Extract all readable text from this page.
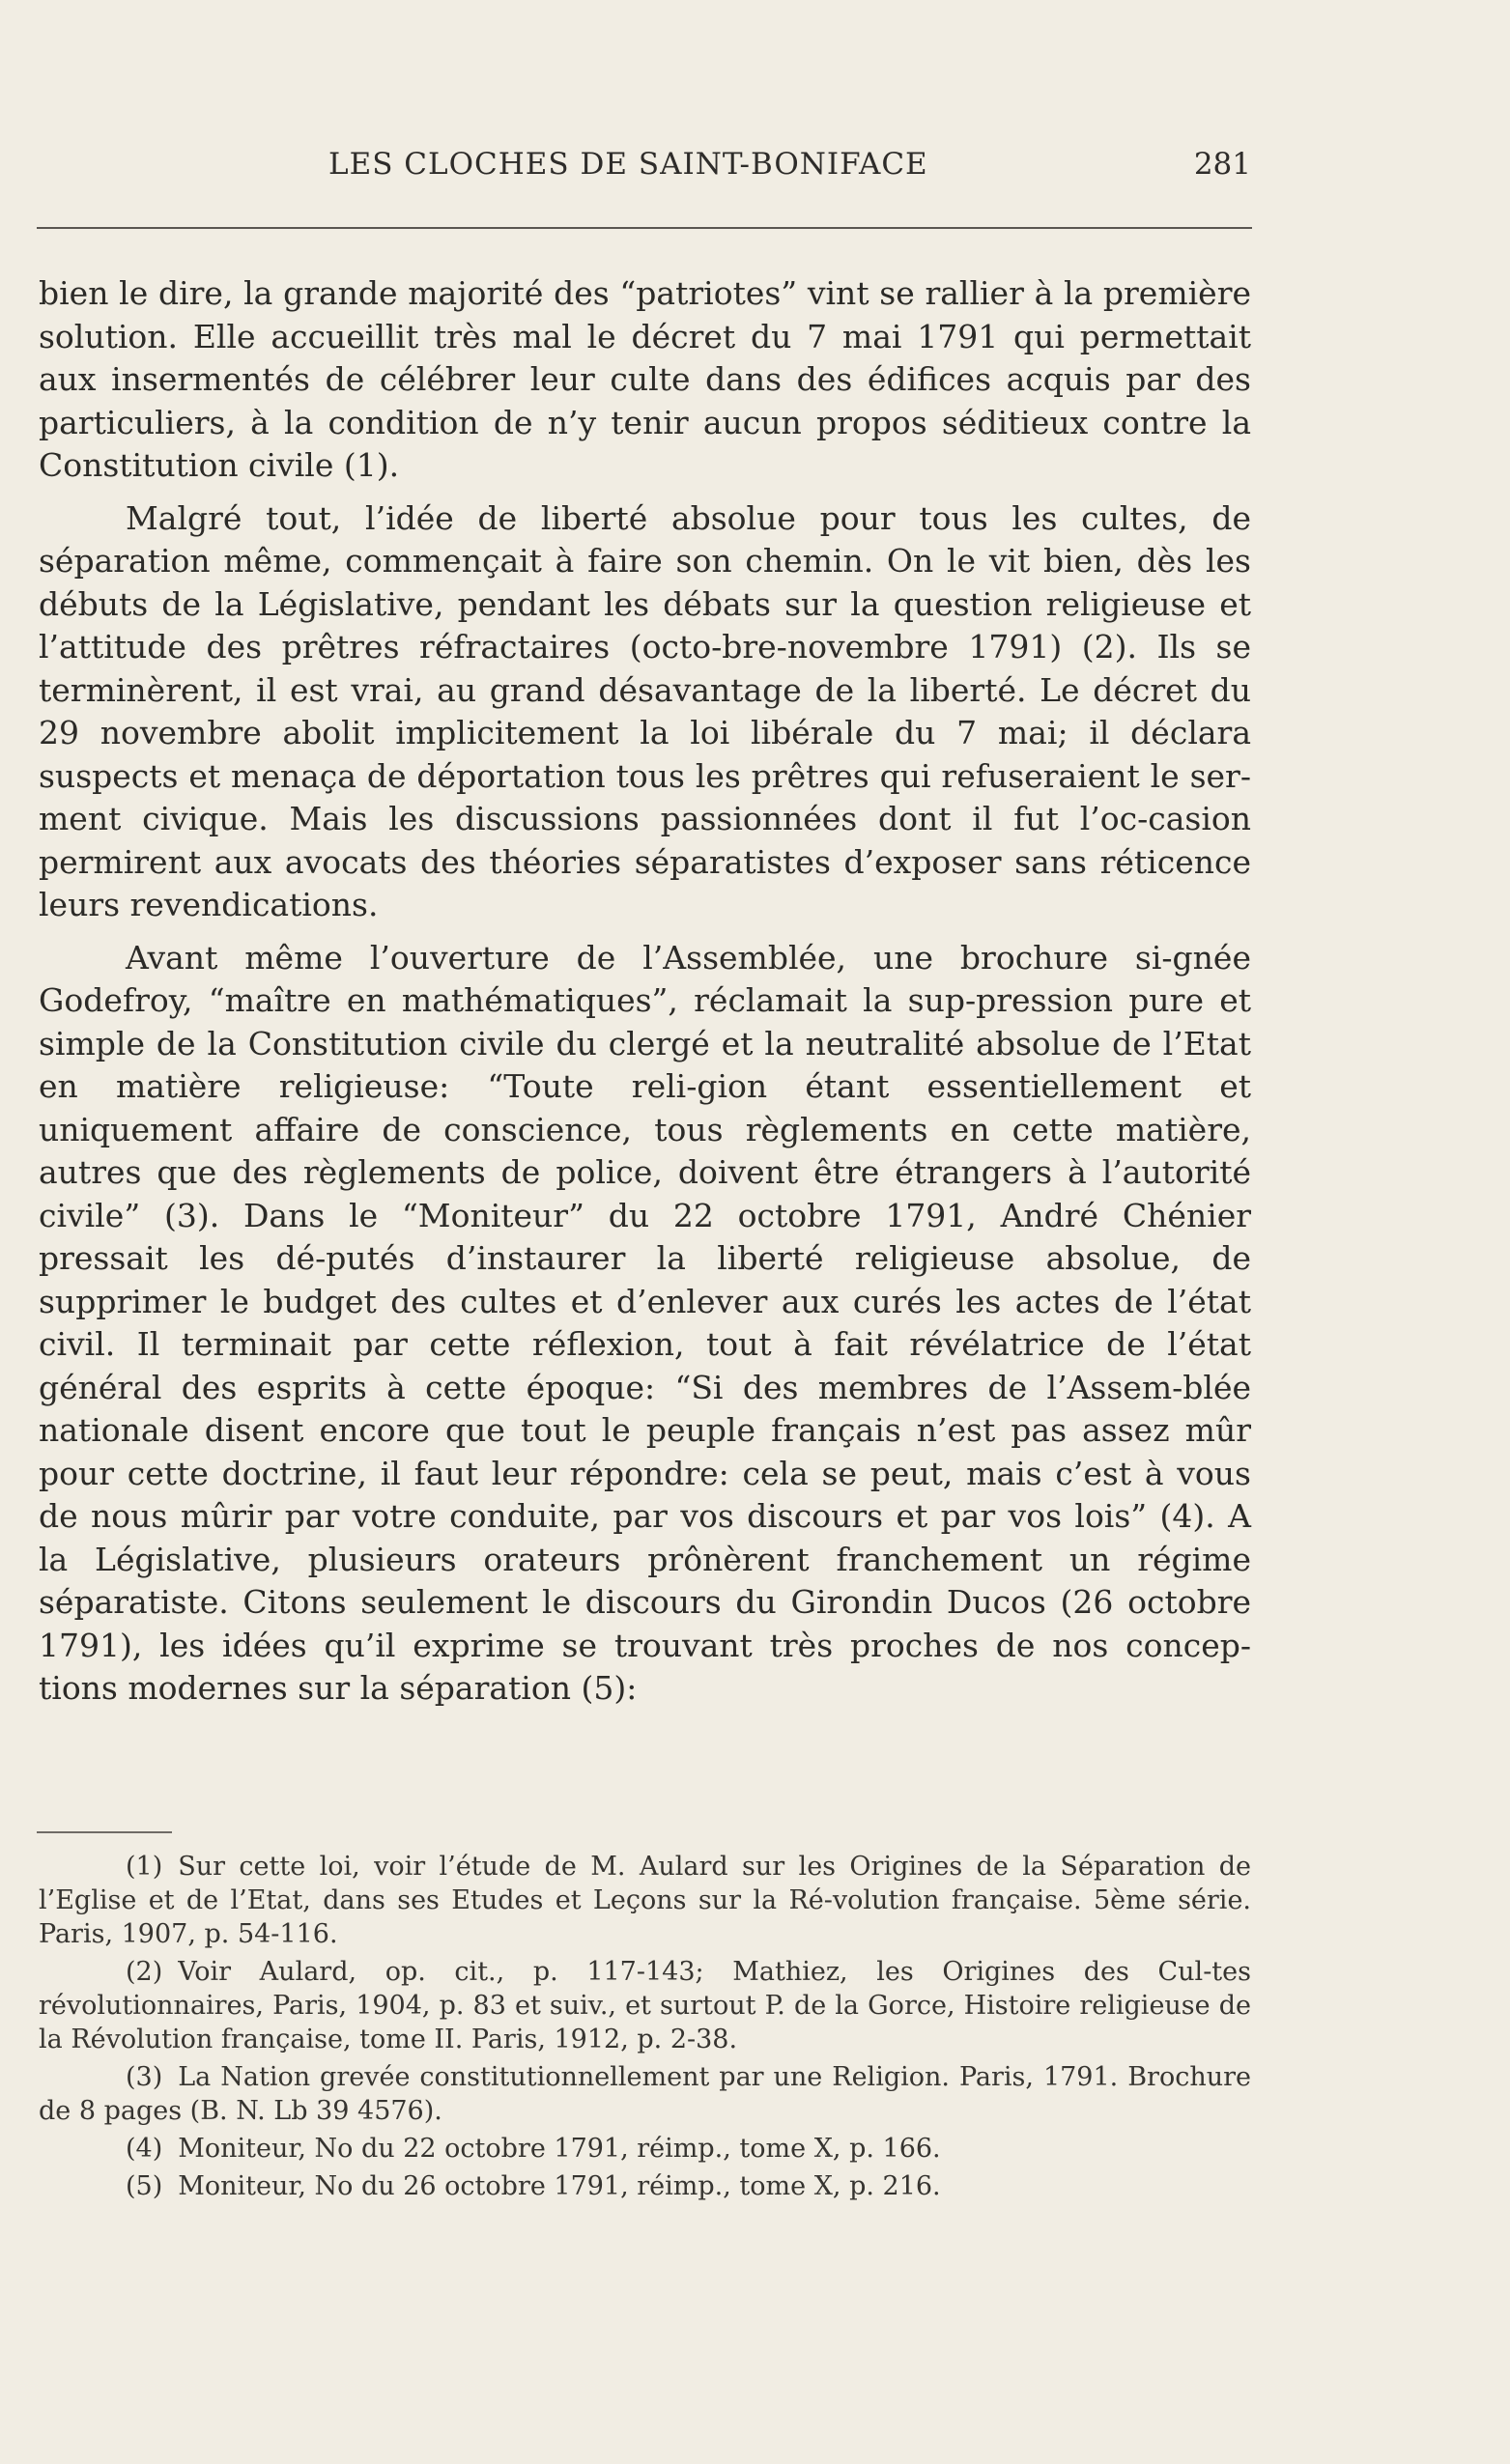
LES CLOCHES DE SAINT-BONIFACE	281

bien le dire, la grande majorité des “patriotes” vint se rallier à la première solution. Elle accueillit très mal le décret du 7 mai 1791 qui permettait aux insermentés de célébrer leur culte dans des édifices acquis par des particuliers, à la condition de n’y tenir aucun propos séditieux contre la Constitution civile (1).

Malgré tout, l’idée de liberté absolue pour tous les cultes, de séparation même, commençait à faire son chemin. On le vit bien, dès les débuts de la Législative, pendant les débats sur la question religieuse et l’attitude des prêtres réfractaires (octo-bre-novembre 1791) (2). Ils se terminèrent, il est vrai, au grand désavantage de la liberté. Le décret du 29 novembre abolit implicitement la loi libérale du 7 mai; il déclara suspects et menaça de déportation tous les prêtres qui refuseraient le ser-ment civique. Mais les discussions passionnées dont il fut l’oc-casion permirent aux avocats des théories séparatistes d’exposer sans réticence leurs revendications.

Avant même l’ouverture de l’Assemblée, une brochure si-gnée Godefroy, “maître en mathématiques”, réclamait la sup-pression pure et simple de la Constitution civile du clergé et la neutralité absolue de l’Etat en matière religieuse: “Toute reli-gion étant essentiellement et uniquement affaire de conscience, tous règlements en cette matière, autres que des règlements de police, doivent être étrangers à l’autorité civile” (3). Dans le “Moniteur” du 22 octobre 1791, André Chénier pressait les dé-putés d’instaurer la liberté religieuse absolue, de supprimer le budget des cultes et d’enlever aux curés les actes de l’état civil. Il terminait par cette réflexion, tout à fait révélatrice de l’état général des esprits à cette époque: “Si des membres de l’Assem-blée nationale disent encore que tout le peuple français n’est pas assez mûr pour cette doctrine, il faut leur répondre: cela se peut, mais c’est à vous de nous mûrir par votre conduite, par vos discours et par vos lois” (4). A la Législative, plusieurs orateurs prônèrent franchement un régime séparatiste. Citons seulement le discours du Girondin Ducos (26 octobre 1791), les idées qu’il exprime se trouvant très proches de nos concep-tions modernes sur la séparation (5):

(1) Sur cette loi, voir l’étude de M. Aulard sur les Origines de la Séparation de l’Eglise et de l’Etat, dans ses Etudes et Leçons sur la Ré-volution française. 5ème série. Paris, 1907, p. 54-116.

(2) Voir Aulard, op. cit., p. 117-143; Mathiez, les Origines des Cul-tes révolutionnaires, Paris, 1904, p. 83 et suiv., et surtout P. de la Gorce, Histoire religieuse de la Révolution française, tome II. Paris, 1912, p. 2-38.

(3) La Nation grevée constitutionnellement par une Religion. Paris, 1791. Brochure de 8 pages (B. N. Lb 39 4576).

(4) Moniteur, No du 22 octobre 1791, réimp., tome X, p. 166.

(5) Moniteur, No du 26 octobre 1791, réimp., tome X, p. 216.
